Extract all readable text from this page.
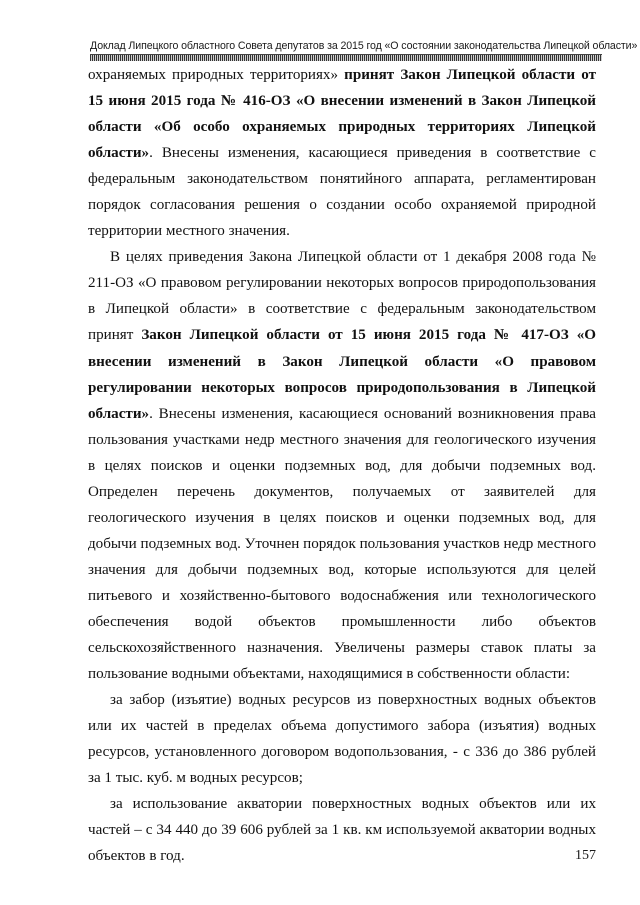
Доклад Липецкого областного Совета депутатов за 2015 год «О состоянии законодательства Липецкой области»

охраняемых природных территориях» принят Закон Липецкой области от 15 июня 2015 года № 416-ОЗ «О внесении изменений в Закон Липецкой области «Об особо охраняемых природных территориях Липецкой области». Внесены изменения, касающиеся приведения в соответствие с федеральным законодательством понятийного аппарата, регламентирован порядок согласования решения о создании особо охраняемой природной территории местного значения.

В целях приведения Закона Липецкой области от 1 декабря 2008 года № 211-ОЗ «О правовом регулировании некоторых вопросов природопользования в Липецкой области» в соответствие с федеральным законодательством принят Закон Липецкой области от 15 июня 2015 года № 417-ОЗ «О внесении изменений в Закон Липецкой области «О правовом регулировании некоторых вопросов природопользования в Липецкой области». Внесены изменения, касающиеся оснований возникновения права пользования участками недр местного значения для геологического изучения в целях поисков и оценки подземных вод, для добычи подземных вод. Определен перечень документов, получаемых от заявителей для геологического изучения в целях поисков и оценки подземных вод, для добычи подземных вод. Уточнен порядок пользования участков недр местного значения для добычи подземных вод, которые используются для целей питьевого и хозяйственно-бытового водоснабжения или технологического обеспечения водой объектов промышленности либо объектов сельскохозяйственного назначения. Увеличены размеры ставок платы за пользование водными объектами, находящимися в собственности области:

за забор (изъятие) водных ресурсов из поверхностных водных объектов или их частей в пределах объема допустимого забора (изъятия) водных ресурсов, установленного договором водопользования, - с 336 до 386 рублей за 1 тыс. куб. м водных ресурсов;

за использование акватории поверхностных водных объектов или их частей – с 34 440 до 39 606 рублей за 1 кв. км используемой акватории водных объектов в год.	157
